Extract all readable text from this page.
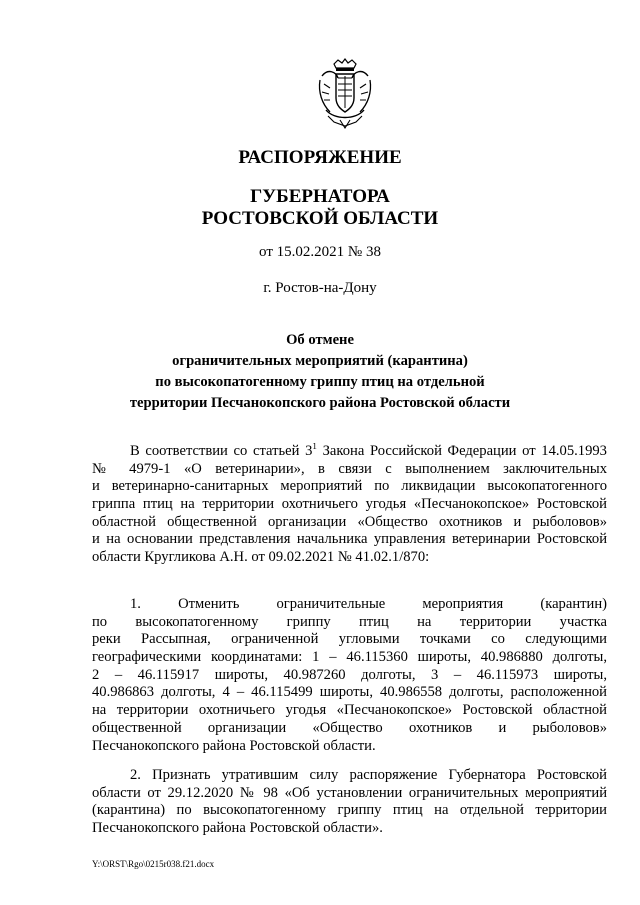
РАСПОРЯЖЕНИЕ
ГУБЕРНАТОРА
РОСТОВСКОЙ ОБЛАСТИ
от 15.02.2021 № 38
г. Ростов-на-Дону
Об отмене
ограничительных мероприятий (карантина)
по высокопатогенному гриппу птиц на отдельной
территории Песчанокопского района Ростовской области
В соответствии со статьей $3^1$ Закона Российской Федерации от 14.05.1993
№ 4979-1 «О ветеринарии», в связи с выполнением заключительных
и ветеринарно-санитарных мероприятий по ликвидации высокопатогенного
гриппа птиц на территории охотничьего угодья «Песчанокопское» Ростовской
областной общественной организации «Общество охотников и рыболовов»
и на основании представления начальника управления ветеринарии Ростовской
области Кругликова А.Н. от 09.02.2021 № 41.02.1/870:
1. Отменить ограничительные мероприятия (карантин)
по высокопатогенному гриппу птиц на территории участка
реки Рассыпная, ограниченной угловыми точками со следующими
географическими координатами: 1 – 46.115360 широты, 40.986880 долготы,
2 – 46.115917 широты, 40.987260 долготы, 3 – 46.115973 широты,
40.986863 долготы, 4 – 46.115499 широты, 40.986558 долготы, расположенной
на территории охотничьего угодья «Песчанокопское» Ростовской областной
общественной организации «Общество охотников и рыболовов»
Песчанокопского района Ростовской области.
2. Признать утратившим силу распоряжение Губернатора Ростовской
области от 29.12.2020 № 98 «Об установлении ограничительных мероприятий
(карантина) по высокопатогенному гриппу птиц на отдельной территории
Песчанокопского района Ростовской области».
Y:\ORST\Rgo\0215r038.f21.docx
